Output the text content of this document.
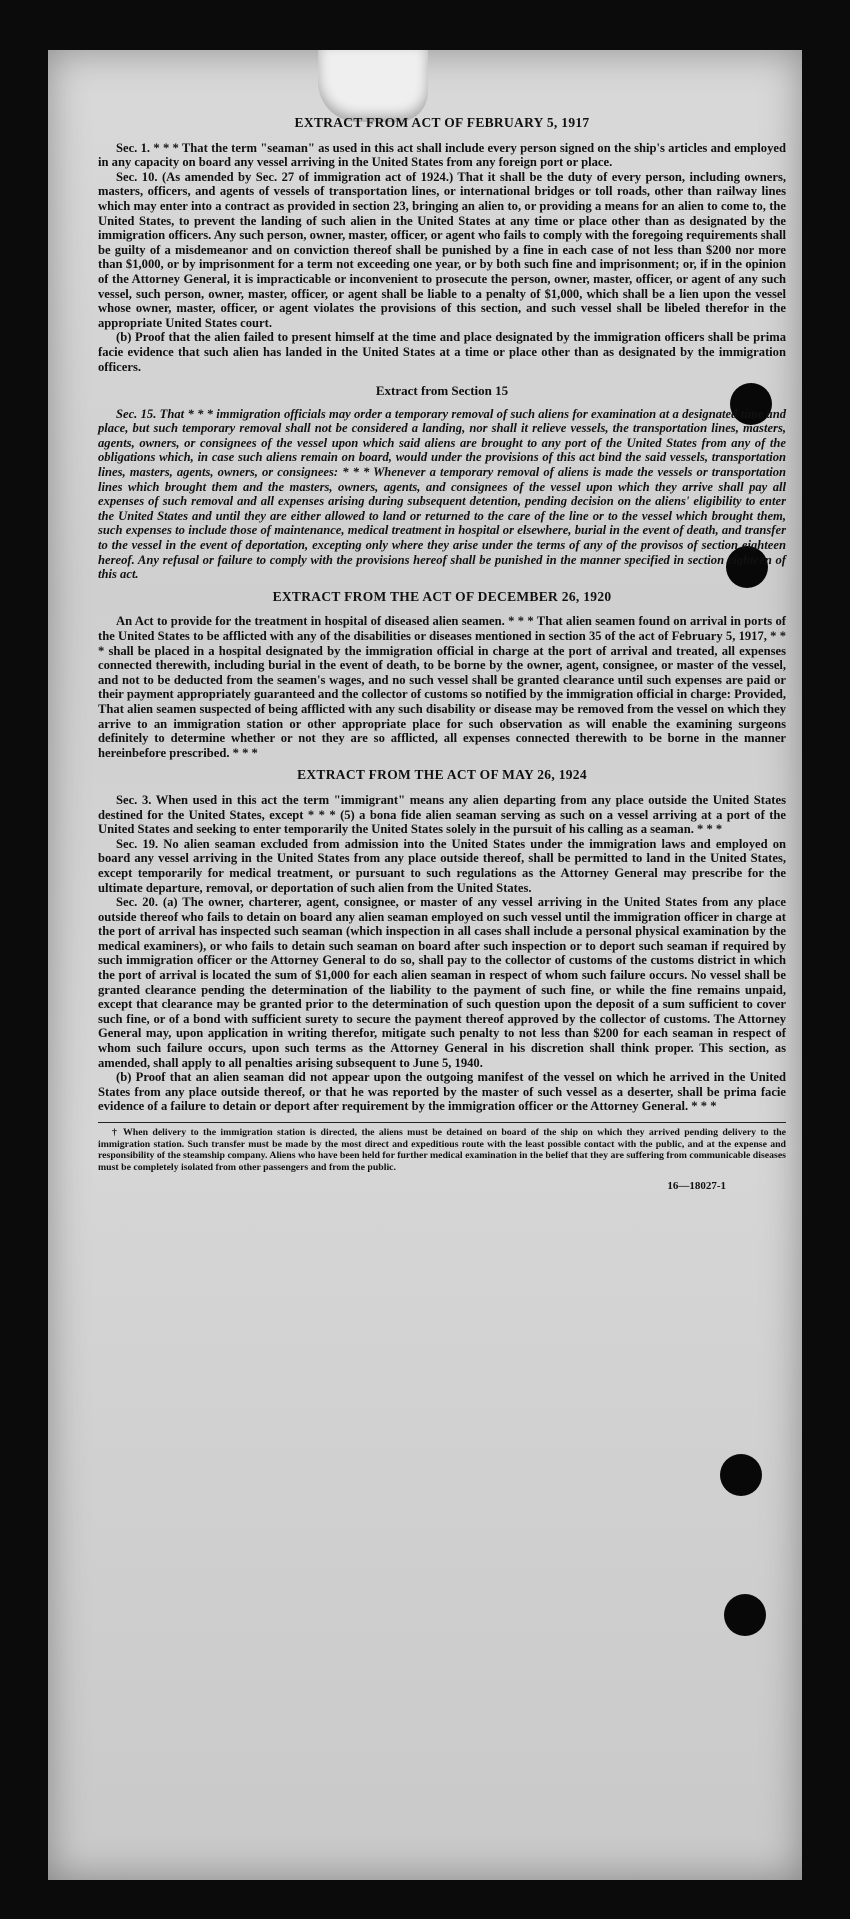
EXTRACT FROM ACT OF FEBRUARY 5, 1917

Sec. 1. * * * That the term "seaman" as used in this act shall include every person signed on the ship's articles and employed in any capacity on board any vessel arriving in the United States from any foreign port or place.

Sec. 10. (As amended by Sec. 27 of immigration act of 1924.) That it shall be the duty of every person, including owners, masters, officers, and agents of vessels of transportation lines, or international bridges or toll roads, other than railway lines which may enter into a contract as provided in section 23, bringing an alien to, or providing a means for an alien to come to, the United States, to prevent the landing of such alien in the United States at any time or place other than as designated by the immigration officers. Any such person, owner, master, officer, or agent who fails to comply with the foregoing requirements shall be guilty of a misdemeanor and on conviction thereof shall be punished by a fine in each case of not less than $200 nor more than $1,000, or by imprisonment for a term not exceeding one year, or by both such fine and imprisonment; or, if in the opinion of the Attorney General, it is impracticable or inconvenient to prosecute the person, owner, master, officer, or agent of any such vessel, such person, owner, master, officer, or agent shall be liable to a penalty of $1,000, which shall be a lien upon the vessel whose owner, master, officer, or agent violates the provisions of this section, and such vessel shall be libeled therefor in the appropriate United States court.

(b) Proof that the alien failed to present himself at the time and place designated by the immigration officers shall be prima facie evidence that such alien has landed in the United States at a time or place other than as designated by the immigration officers.

Extract from Section 15

Sec. 15. That * * * immigration officials may order a temporary removal of such aliens for examination at a designated time and place, but such temporary removal shall not be considered a landing, nor shall it relieve vessels, the transportation lines, masters, agents, owners, or consignees of the vessel upon which said aliens are brought to any port of the United States from any of the obligations which, in case such aliens remain on board, would under the provisions of this act bind the said vessels, transportation lines, masters, agents, owners, or consignees: * * * Whenever a temporary removal of aliens is made the vessels or transportation lines which brought them and the masters, owners, agents, and consignees of the vessel upon which they arrive shall pay all expenses of such removal and all expenses arising during subsequent detention, pending decision on the aliens' eligibility to enter the United States and until they are either allowed to land or returned to the care of the line or to the vessel which brought them, such expenses to include those of maintenance, medical treatment in hospital or elsewhere, burial in the event of death, and transfer to the vessel in the event of deportation, excepting only where they arise under the terms of any of the provisos of section eighteen hereof. Any refusal or failure to comply with the provisions hereof shall be punished in the manner specified in section eighteen of this act.

EXTRACT FROM THE ACT OF DECEMBER 26, 1920

An Act to provide for the treatment in hospital of diseased alien seamen. * * * That alien seamen found on arrival in ports of the United States to be afflicted with any of the disabilities or diseases mentioned in section 35 of the act of February 5, 1917, * * * shall be placed in a hospital designated by the immigration official in charge at the port of arrival and treated, all expenses connected therewith, including burial in the event of death, to be borne by the owner, agent, consignee, or master of the vessel, and not to be deducted from the seamen's wages, and no such vessel shall be granted clearance until such expenses are paid or their payment appropriately guaranteed and the collector of customs so notified by the immigration official in charge: Provided, That alien seamen suspected of being afflicted with any such disability or disease may be removed from the vessel on which they arrive to an immigration station or other appropriate place for such observation as will enable the examining surgeons definitely to determine whether or not they are so afflicted, all expenses connected therewith to be borne in the manner hereinbefore prescribed. * * *

EXTRACT FROM THE ACT OF MAY 26, 1924

Sec. 3. When used in this act the term "immigrant" means any alien departing from any place outside the United States destined for the United States, except * * * (5) a bona fide alien seaman serving as such on a vessel arriving at a port of the United States and seeking to enter temporarily the United States solely in the pursuit of his calling as a seaman. * * *

Sec. 19. No alien seaman excluded from admission into the United States under the immigration laws and employed on board any vessel arriving in the United States from any place outside thereof, shall be permitted to land in the United States, except temporarily for medical treatment, or pursuant to such regulations as the Attorney General may prescribe for the ultimate departure, removal, or deportation of such alien from the United States.

Sec. 20. (a) The owner, charterer, agent, consignee, or master of any vessel arriving in the United States from any place outside thereof who fails to detain on board any alien seaman employed on such vessel until the immigration officer in charge at the port of arrival has inspected such seaman (which inspection in all cases shall include a personal physical examination by the medical examiners), or who fails to detain such seaman on board after such inspection or to deport such seaman if required by such immigration officer or the Attorney General to do so, shall pay to the collector of customs of the customs district in which the port of arrival is located the sum of $1,000 for each alien seaman in respect of whom such failure occurs. No vessel shall be granted clearance pending the determination of the liability to the payment of such fine, or while the fine remains unpaid, except that clearance may be granted prior to the determination of such question upon the deposit of a sum sufficient to cover such fine, or of a bond with sufficient surety to secure the payment thereof approved by the collector of customs. The Attorney General may, upon application in writing therefor, mitigate such penalty to not less than $200 for each seaman in respect of whom such failure occurs, upon such terms as the Attorney General in his discretion shall think proper. This section, as amended, shall apply to all penalties arising subsequent to June 5, 1940.

(b) Proof that an alien seaman did not appear upon the outgoing manifest of the vessel on which he arrived in the United States from any place outside thereof, or that he was reported by the master of such vessel as a deserter, shall be prima facie evidence of a failure to detain or deport after requirement by the immigration officer or the Attorney General. * * *

† When delivery to the immigration station is directed, the aliens must be detained on board of the ship on which they arrived pending delivery to the immigration station. Such transfer must be made by the most direct and expeditious route with the least possible contact with the public, and at the expense and responsibility of the steamship company. Aliens who have been held for further medical examination in the belief that they are suffering from communicable diseases must be completely isolated from other passengers and from the public.

16—18027-1
